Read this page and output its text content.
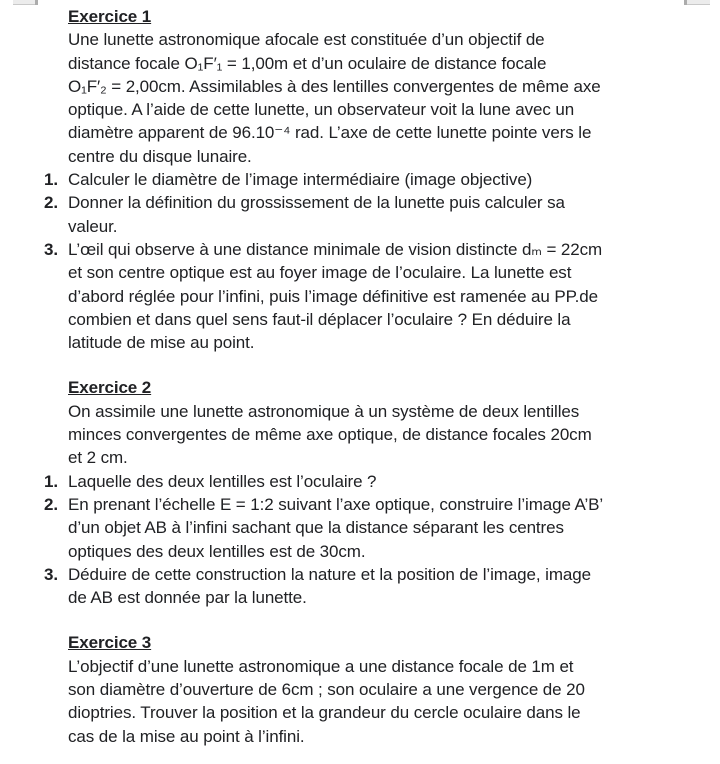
Exercice 1
Une lunette astronomique afocale est constituée d’un objectif de
distance focale O₁F′₁ = 1,00m et d’un oculaire de distance focale
O₁F′₂ = 2,00cm. Assimilables à des lentilles convergentes de même axe
optique. A l’aide de cette lunette, un observateur voit la lune avec un
diamètre apparent de 96.10⁻⁴ rad. L’axe de cette lunette pointe vers le
centre du disque lunaire.
1. Calculer le diamètre de l’image intermédiaire (image objective)
2. Donner la définition du grossissement de la lunette puis calculer sa
valeur.
3. L’œil qui observe à une distance minimale de vision distincte dₘ = 22cm
et son centre optique est au foyer image de l’oculaire. La lunette est
d’abord réglée pour l’infini, puis l’image définitive est ramenée au PP.de
combien et dans quel sens faut-il déplacer l’oculaire ? En déduire la
latitude de mise au point.
Exercice 2
On assimile une lunette astronomique à un système de deux lentilles
minces convergentes de même axe optique, de distance focales 20cm
et 2 cm.
1. Laquelle des deux lentilles est l’oculaire ?
2. En prenant l’échelle E = 1:2 suivant l’axe optique, construire l’image A’B’
d’un objet AB à l’infini sachant que la distance séparant les centres
optiques des deux lentilles est de 30cm.
3. Déduire de cette construction la nature et la position de l’image, image
de AB est donnée par la lunette.
Exercice 3
L’objectif d’une lunette astronomique a une distance focale de 1m et
son diamètre d’ouverture de 6cm ; son oculaire a une vergence de 20
dioptries. Trouver la position et la grandeur du cercle oculaire dans le
cas de la mise au point à l’infini.
